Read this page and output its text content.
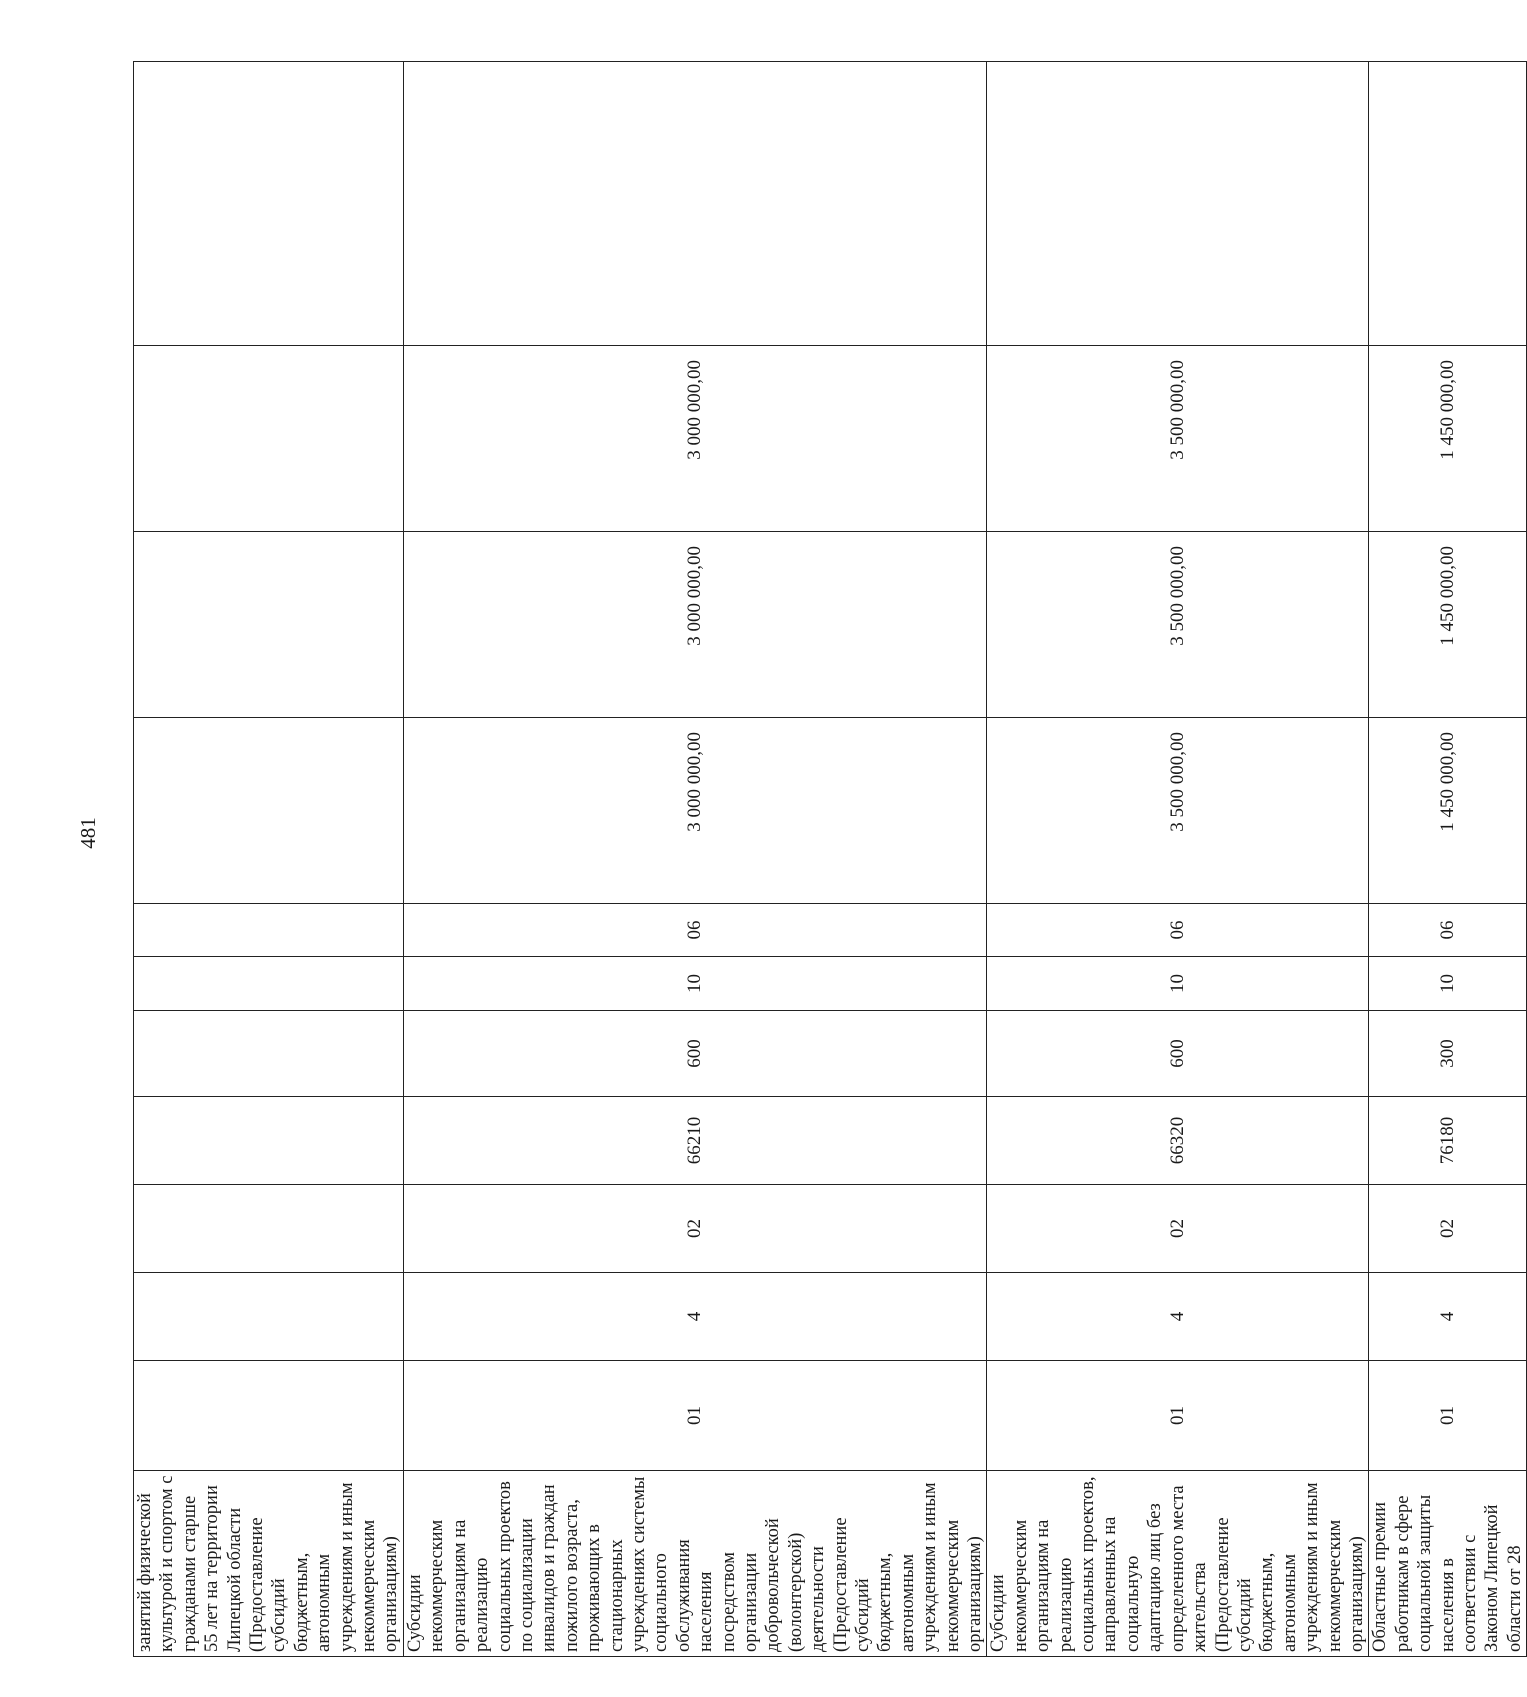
481
занятий физической культурой и спортом с гражданами старше 55 лет на территории Липецкой области (Предоставление субсидий бюджетным, автономным учреждениям и иным некоммерческим организациям)											

Субсидии некоммерческим организациям на реализацию социальных проектов по социализации инвалидов и граждан пожилого возраста, проживающих в стационарных учреждениях системы социального обслуживания населения посредством организации добровольческой (волонтерской) деятельности (Предоставление субсидий бюджетным, автономным учреждениям и иным некоммерческим организациям)	01	4	02	66210	600	10	06	3 000 000,00	3 000 000,00	3 000 000,00	

Субсидии некоммерческим организациям на реализацию социальных проектов, направленных на социальную адаптацию лиц без определенного места жительства (Предоставление субсидий бюджетным, автономным учреждениям и иным некоммерческим организациям)	01	4	02	66320	600	10	06	3 500 000,00	3 500 000,00	3 500 000,00	

Областные премии работникам в сфере социальной защиты населения в соответствии с Законом Липецкой области от 28	01	4	02	76180	300	10	06	1 450 000,00	1 450 000,00	1 450 000,00	
